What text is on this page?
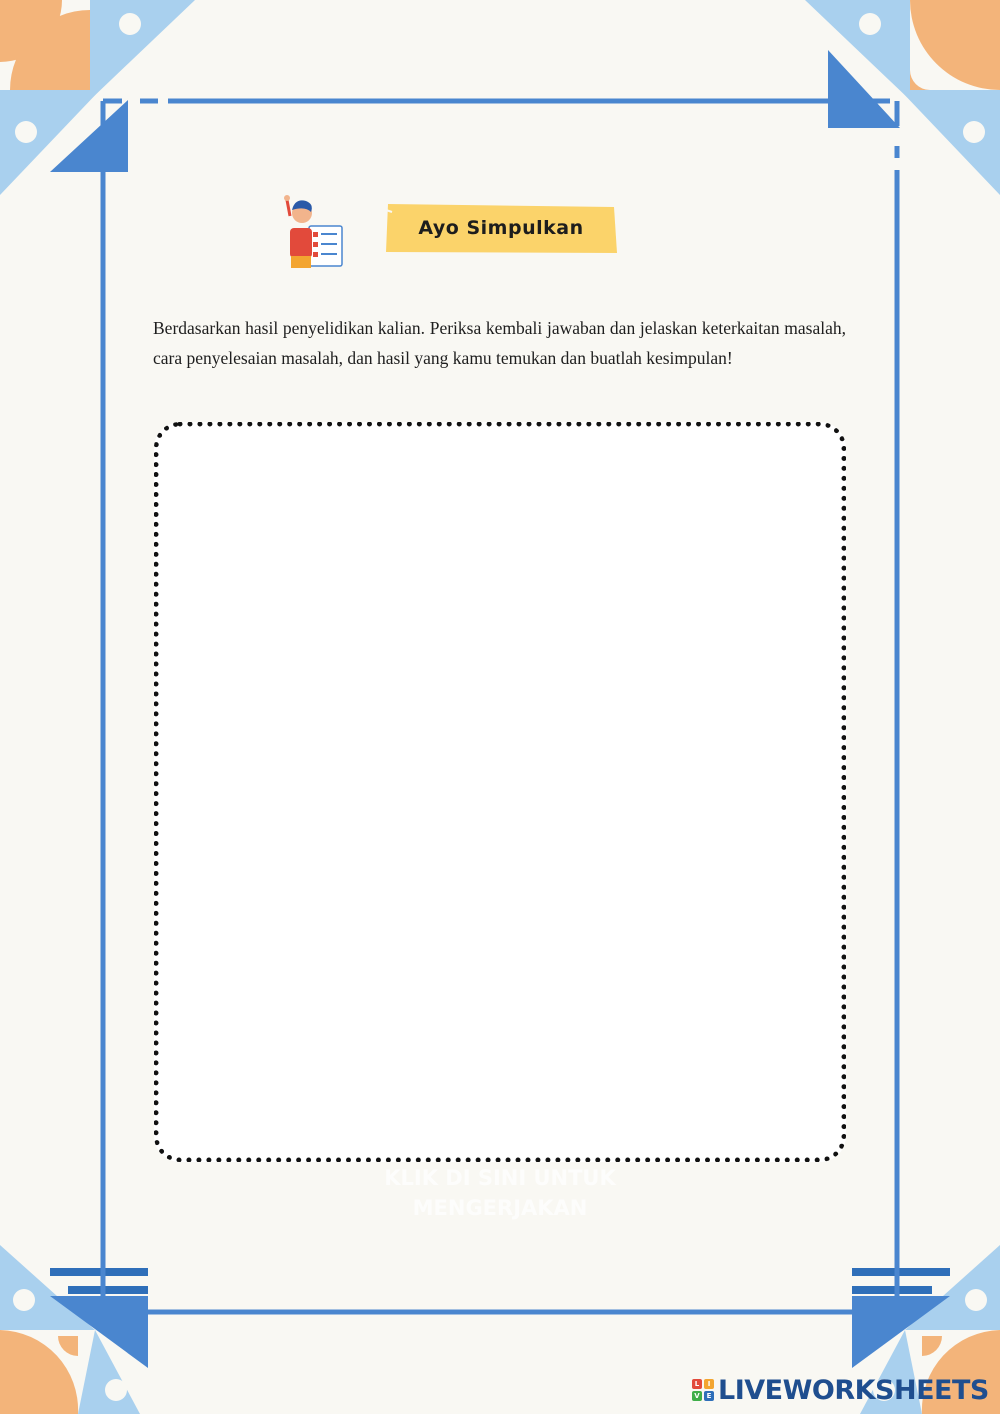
Ayo Simpulkan
Berdasarkan hasil penyelidikan kalian. Periksa kembali jawaban dan jelaskan keterkaitan masalah, cara penyelesaian masalah, dan hasil yang kamu temukan dan buatlah kesimpulan!
KLIK DI SINI UNTUK
MENGERJAKAN
L	I
V E LIVEWORKSHEETS
